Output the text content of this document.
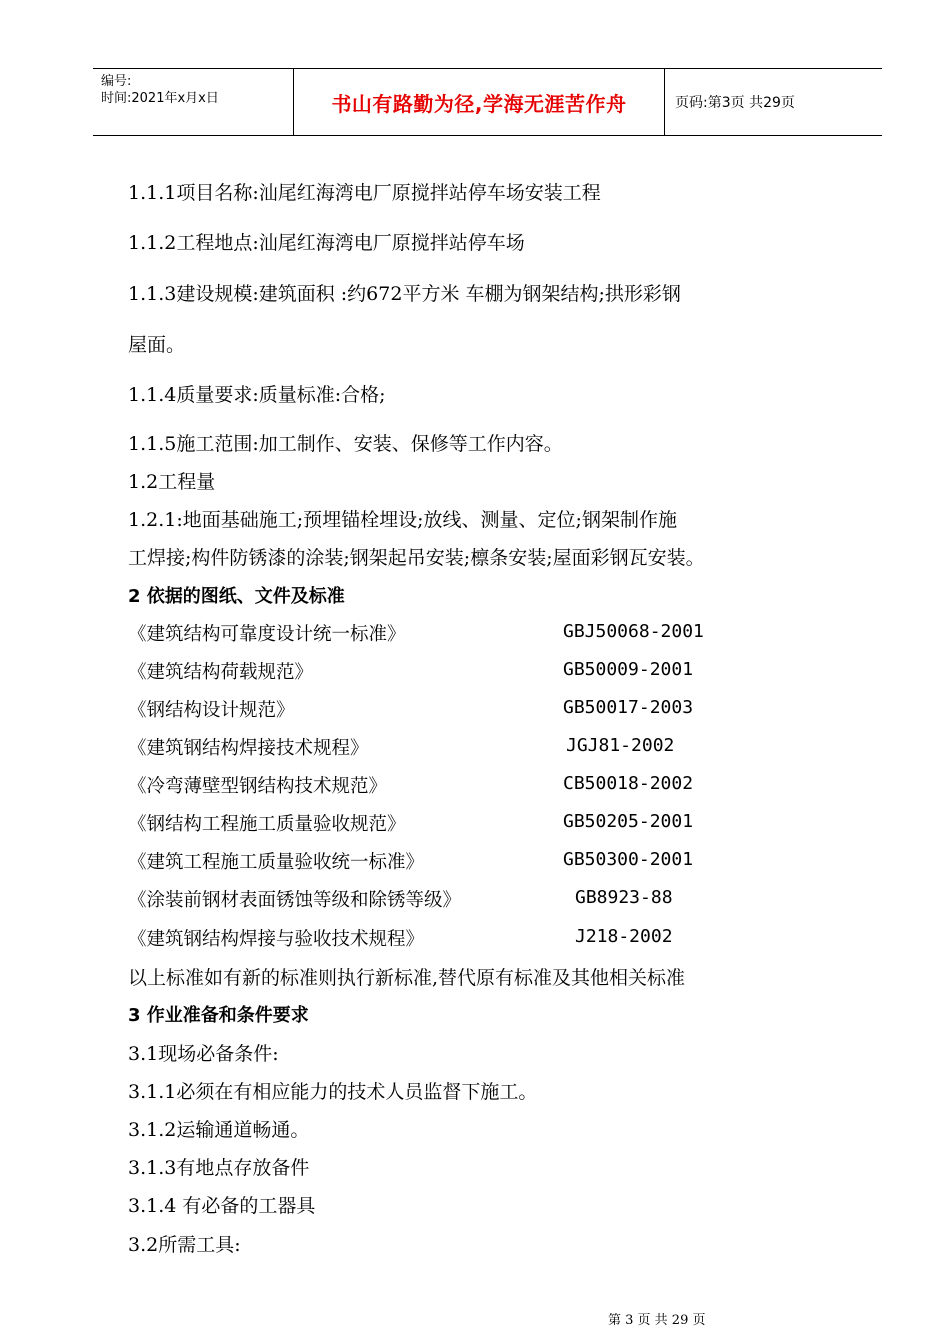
编号:
时间:2021年x月x日	书山有路勤为径,学海无涯苦作舟	页码:第3页 共29页
1.1.1项目名称:汕尾红海湾电厂原搅拌站停车场安装工程
1.1.2工程地点:汕尾红海湾电厂原搅拌站停车场
1.1.3建设规模:建筑面积 :约672平方米 车棚为钢架结构;拱形彩钢
屋面。
1.1.4质量要求:质量标准:合格;
1.1.5施工范围:加工制作、安装、保修等工作内容。
1.2工程量
1.2.1:地面基础施工;预埋锚栓埋设;放线、测量、定位;钢架制作施
工焊接;构件防锈漆的涂装;钢架起吊安装;檩条安装;屋面彩钢瓦安装。
2 依据的图纸、文件及标准
《建筑结构可靠度设计统一标准》	GBJ50068-2001
《建筑结构荷载规范》	GB50009-2001
《钢结构设计规范》	GB50017-2003
《建筑钢结构焊接技术规程》	JGJ81-2002
《冷弯薄壁型钢结构技术规范》	CB50018-2002
《钢结构工程施工质量验收规范》	GB50205-2001
《建筑工程施工质量验收统一标准》	GB50300-2001
《涂装前钢材表面锈蚀等级和除锈等级》	GB8923-88
《建筑钢结构焊接与验收技术规程》	J218-2002
以上标准如有新的标准则执行新标准,替代原有标准及其他相关标准
3 作业准备和条件要求
3.1现场必备条件:
3.1.1必须在有相应能力的技术人员监督下施工。
3.1.2运输通道畅通。
3.1.3有地点存放备件
3.1.4 有必备的工器具
3.2所需工具:
第 3 页 共 29 页
